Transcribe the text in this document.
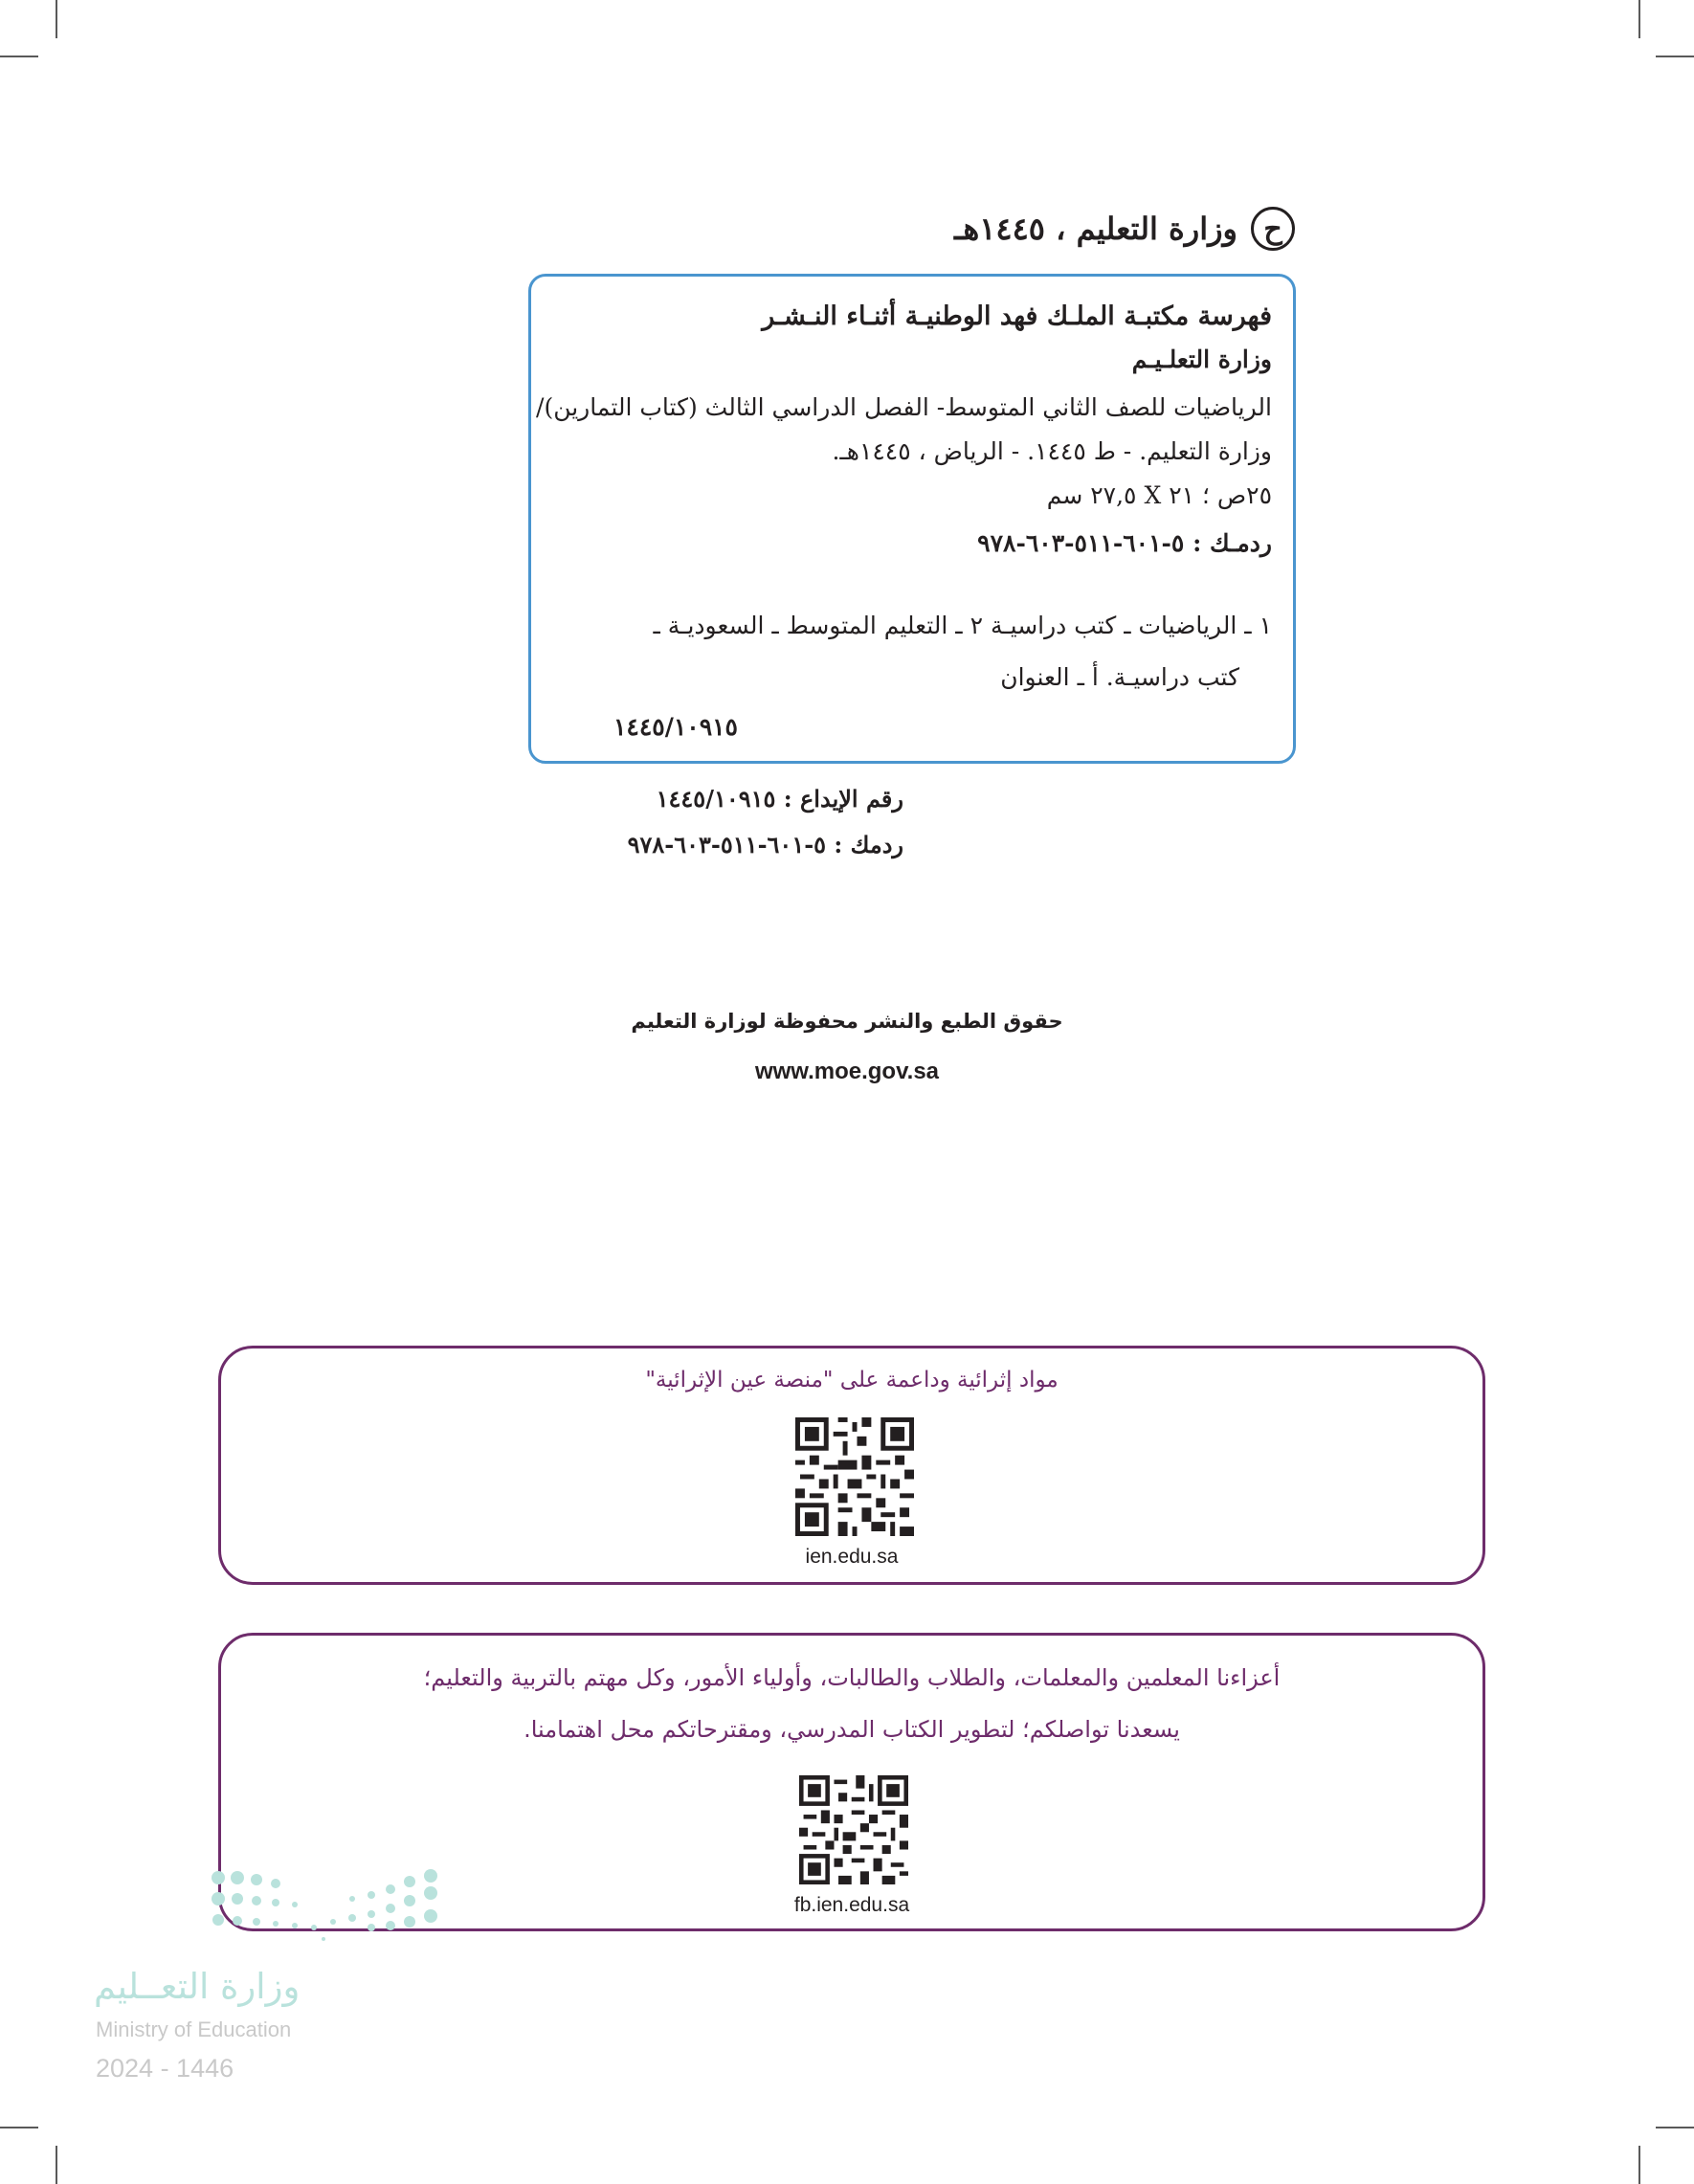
ح
وزارة التعليم ، ١٤٤٥هـ
فهرسة مكتبـة الملـك فهد الوطنيـة أثنـاء النـشـر
وزارة التعلـيـم
الرياضيات للصف الثاني المتوسط- الفصل الدراسي الثالث (كتاب التمارين)/
وزارة التعليم. - ط ١٤٤٥. - الرياض ، ١٤٤٥هـ.
٢٥ص ؛ ٢١ X ٢٧,٥ سم
ردمـك : ٥-٦٠١-٥١١-٦٠٣-٩٧٨
١ ـ الرياضيات ـ كتب دراسيـة ٢ ـ التعليم المتوسط ـ السعوديـة ـ
كتب دراسيـة. أ ـ العنوان
١٤٤٥/١٠٩١٥
رقم الإيداع : ١٤٤٥/١٠٩١٥
ردمك : ٥-٦٠١-٥١١-٦٠٣-٩٧٨
حقوق الطبع والنشر محفوظة لوزارة التعليم
www.moe.gov.sa
مواد إثرائية وداعمة على "منصة عين الإثرائية"
ien.edu.sa
أعزاءنا المعلمين والمعلمات، والطلاب والطالبات، وأولياء الأمور، وكل مهتم بالتربية والتعليم؛
يسعدنا تواصلكم؛ لتطوير الكتاب المدرسي، ومقترحاتكم محل اهتمامنا.
fb.ien.edu.sa
وزارة التعــليم
Ministry of Education
2024 - 1446
